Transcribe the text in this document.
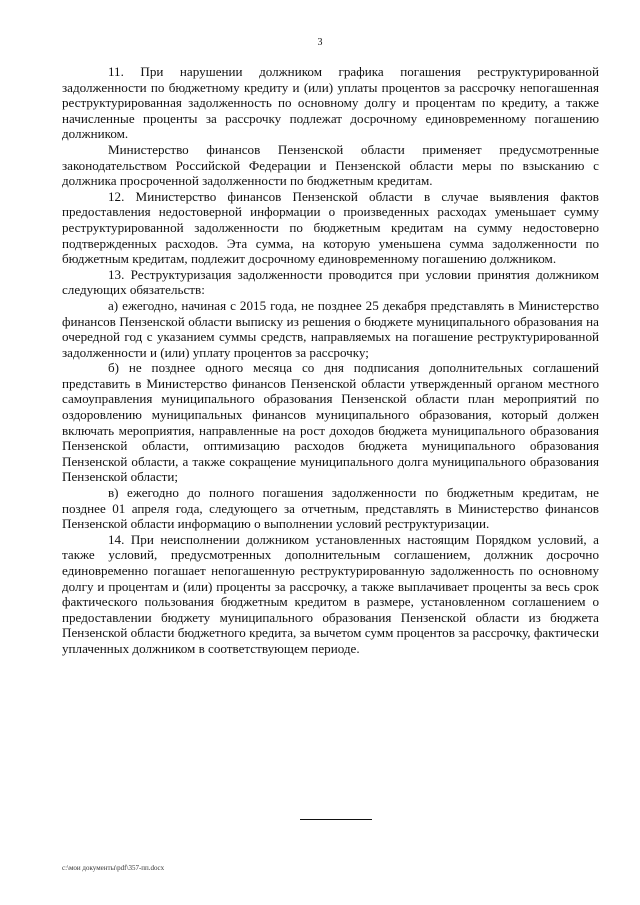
3

11. При нарушении должником графика погашения реструктурированной задолженности по бюджетному кредиту и (или) уплаты процентов за рассрочку непогашенная реструктурированная задолженность по основному долгу и процентам по кредиту, а также начисленные проценты за рассрочку подлежат досрочному единовременному погашению должником.

Министерство финансов Пензенской области применяет предусмотренные законодательством Российской Федерации и Пензенской области меры по взысканию с должника просроченной задолженности по бюджетным кредитам.

12. Министерство финансов Пензенской области в случае выявления фактов предоставления недостоверной информации о произведенных расходах уменьшает сумму реструктурированной задолженности по бюджетным кредитам на сумму недостоверно подтвержденных расходов. Эта сумма, на которую уменьшена сумма задолженности по бюджетным кредитам, подлежит досрочному единовременному погашению должником.

13. Реструктуризация задолженности проводится при условии принятия должником следующих обязательств:

а) ежегодно, начиная с 2015 года, не позднее 25 декабря представлять в Министерство финансов Пензенской области выписку из решения о бюджете муниципального образования на очередной год с указанием суммы средств, направляемых на погашение реструктурированной задолженности и (или) уплату процентов за рассрочку;

б) не позднее одного месяца со дня подписания дополнительных соглашений представить в Министерство финансов Пензенской области утвержденный органом местного самоуправления муниципального образования Пензенской области план мероприятий по оздоровлению муниципальных финансов муниципального образования, который должен включать мероприятия, направленные на рост доходов бюджета муниципального образования Пензенской области, оптимизацию расходов бюджета муниципального образования Пензенской области, а также сокращение муниципального долга муниципального образования Пензенской области;

в) ежегодно до полного погашения задолженности по бюджетным кредитам, не позднее 01 апреля года, следующего за отчетным, представлять в Министерство финансов Пензенской области информацию о выполнении условий реструктуризации.

14. При неисполнении должником установленных настоящим Порядком условий, а также условий, предусмотренных дополнительным соглашением, должник досрочно единовременно погашает непогашенную реструктурированную задолженность по основному долгу и процентам и (или) проценты за рассрочку, а также выплачивает проценты за весь срок фактического пользования бюджетным кредитом в размере, установленном соглашением о предоставлении бюджету муниципального образования Пензенской области из бюджета Пензенской области бюджетного кредита, за вычетом сумм процентов за рассрочку, фактически уплаченных должником в соответствующем периоде.

c:\мои документы\pdf\357-пп.docx
